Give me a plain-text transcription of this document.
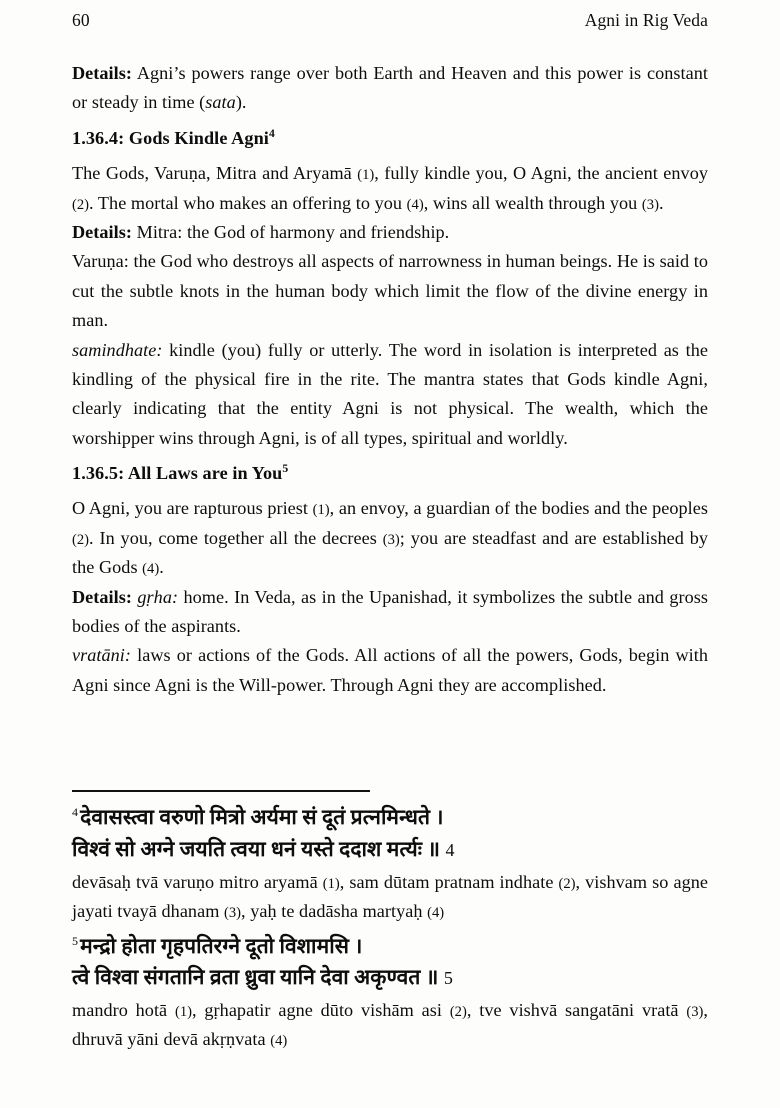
60	Agni in Rig Veda

Details: Agni’s powers range over both Earth and Heaven and this power is constant or steady in time (sata).

1.36.4: Gods Kindle Agni$^4$

The Gods, Varuṇa, Mitra and Aryamā (1), fully kindle you, O Agni, the ancient envoy (2). The mortal who makes an offering to you (4), wins all wealth through you (3).

Details: Mitra: the God of harmony and friendship.

Varuṇa: the God who destroys all aspects of narrowness in human beings. He is said to cut the subtle knots in the human body which limit the flow of the divine energy in man.

samindhate: kindle (you) fully or utterly. The word in isolation is interpreted as the kindling of the physical fire in the rite. The mantra states that Gods kindle Agni, clearly indicating that the entity Agni is not physical. The wealth, which the worshipper wins through Agni, is of all types, spiritual and worldly.

1.36.5: All Laws are in You$^5$

O Agni, you are rapturous priest (1), an envoy, a guardian of the bodies and the peoples (2). In you, come together all the decrees (3); you are steadfast and are established by the Gods (4).

Details: gṛha: home. In Veda, as in the Upanishad, it symbolizes the subtle and gross bodies of the aspirants.

vratāni: laws or actions of the Gods. All actions of all the powers, Gods, begin with Agni since Agni is the Will-power. Through Agni they are accomplished.

$^4$देवासस्त्वा वरुणो मित्रो अर्यमा सं दूतं प्रत्नमिन्धते ।
विश्वं सो अग्ने जयति त्वया धनं यस्ते ददाश मर्त्यः ॥ 4

devāsaḥ tvā varuṇo mitro aryamā (1), sam dūtam pratnam indhate (2), vishvam so agne jayati tvayā dhanam (3), yaḥ te dadāsha martyaḥ (4)

$^5$मन्द्रो होता गृहपतिरग्ने दूतो विशामसि ।
त्वे विश्वा संगतानि व्रता ध्रुवा यानि देवा अकृण्वत ॥ 5

mandro hotā (1), gṛhapatir agne dūto vishām asi (2), tve vishvā sangatāni vratā (3), dhruvā yāni devā akṛṇvata (4)
